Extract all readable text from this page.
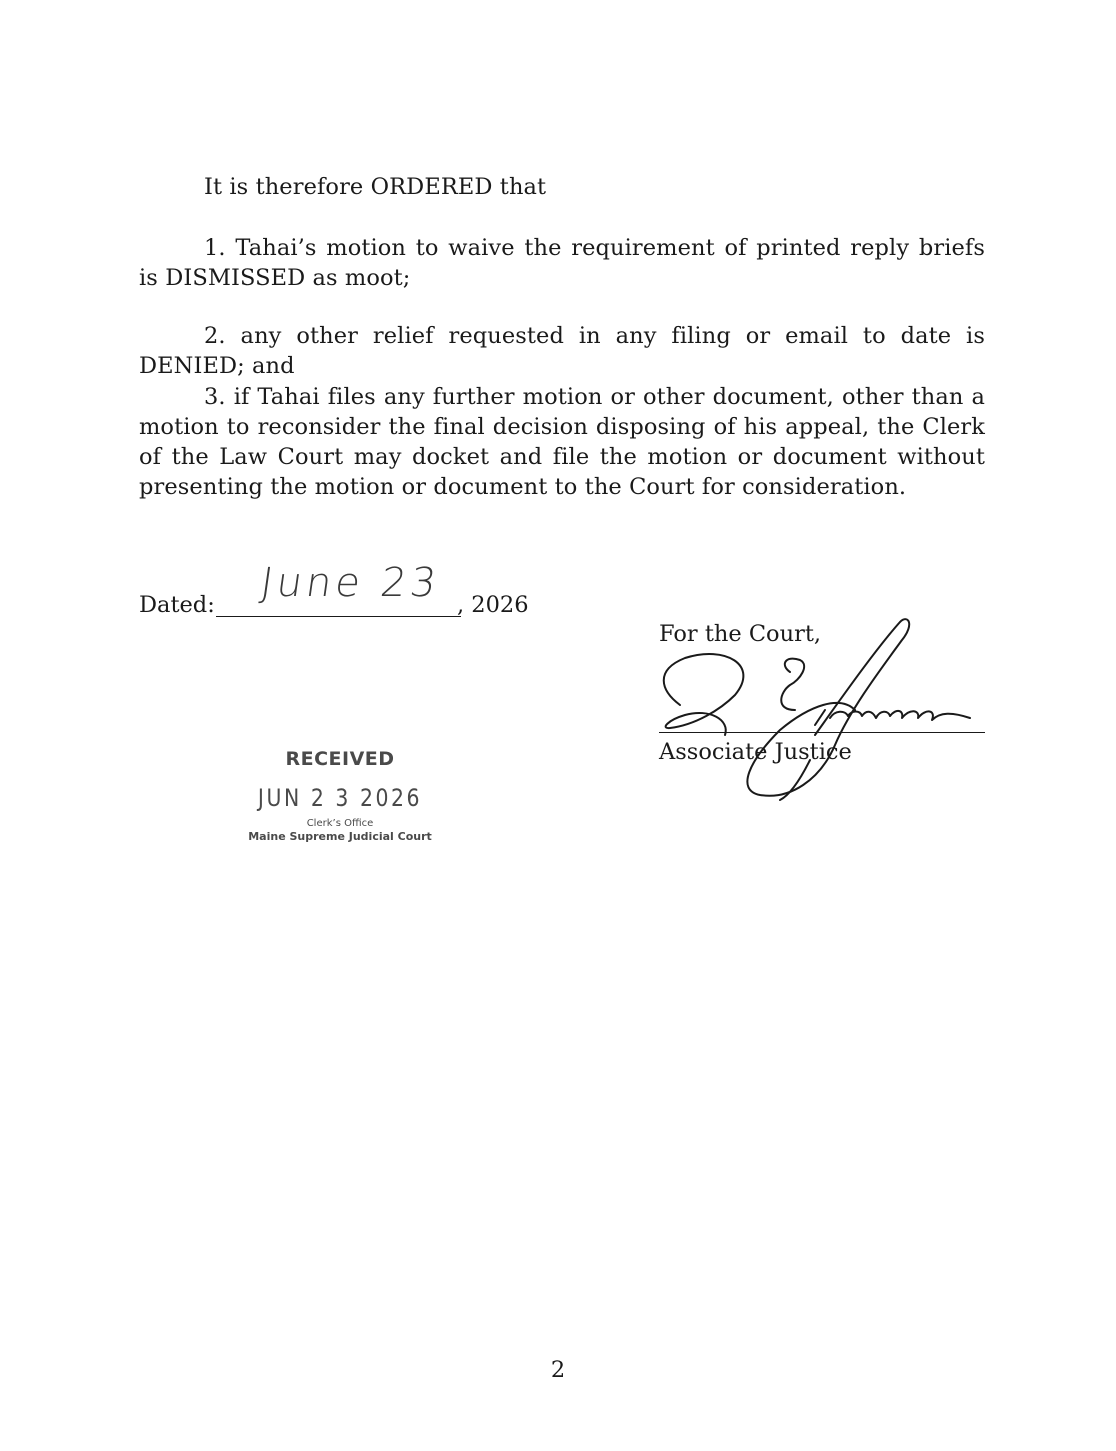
It is therefore ORDERED that
1. Tahai’s motion to waive the requirement of printed reply briefs is DISMISSED as moot;
2. any other relief requested in any filing or email to date is DENIED; and
3. if Tahai files any further motion or other document, other than a motion to reconsider the final decision disposing of his appeal, the Clerk of the Law Court may docket and file the motion or document without presenting the motion or document to the Court for consideration.
Dated: June 23 , 2026
For the Court,
Associate Justice
RECEIVED
JUN 2 3 2026
Clerk’s Office
Maine Supreme Judicial Court
2
